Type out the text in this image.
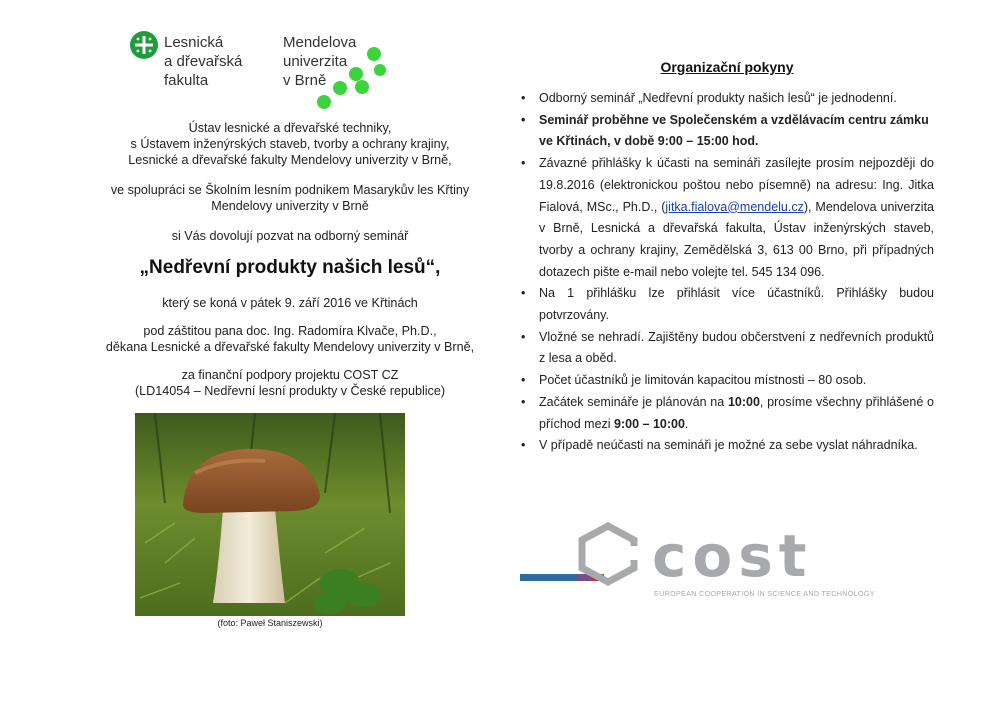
Lesnická
a dřevařská
fakulta
Mendelova
univerzita
v Brně
Ústav lesnické a dřevařské techniky,
s Ústavem inženýrských staveb, tvorby a ochrany krajiny,
Lesnické a dřevařské fakulty Mendelovy univerzity v Brně,
ve spolupráci se Školním lesním podnikem Masarykův les Křtiny
Mendelovy univerzity v Brně
si Vás dovolují pozvat na odborný seminář
„Nedřevní produkty našich lesů“,
který se koná v pátek 9. září 2016 ve Křtinách
pod záštitou pana doc. Ing. Radomíra Klvače, Ph.D.,
děkana Lesnické a dřevařské fakulty Mendelovy univerzity v Brně,
za finanční podpory projektu COST CZ
(LD14054 – Nedřevní lesní produkty v České republice)
(foto: Paweł Staniszewski)
Organizační pokyny
• Odborný seminář „Nedřevní produkty našich lesů“ je jednodenní.
• Seminář proběhne ve Společenském a vzdělávacím centru zámku
ve Křtinách, v době 9:00 – 15:00 hod.
• Závazné přihlášky k účasti na semináři zasílejte prosím nejpozději do 19.8.2016 (elektronickou poštou nebo písemně) na adresu: Ing. Jitka Fialová, MSc., Ph.D., (jitka.fialova@mendelu.cz), Mendelova univerzita v Brně, Lesnická a dřevařská fakulta, Ústav inženýrských staveb, tvorby a ochrany krajiny, Zemědělská 3, 613 00 Brno, při případných dotazech pište e-mail nebo volejte tel. 545 134 096.
• Na 1 přihlášku lze přihlásit více účastníků. Přihlášky budou potvrzovány.
• Vložné se nehradí. Zajištěny budou občerstvení z nedřevních produktů z lesa a oběd.
• Počet účastníků je limitován kapacitou místnosti – 80 osob.
• Začátek semináře je plánován na 10:00, prosíme všechny přihlášené o příchod mezi 9:00 – 10:00.
• V případě neúčasti na semináři je možné za sebe vyslat náhradníka.
cost
EUROPEAN COOPERATION IN SCIENCE AND TECHNOLOGY
